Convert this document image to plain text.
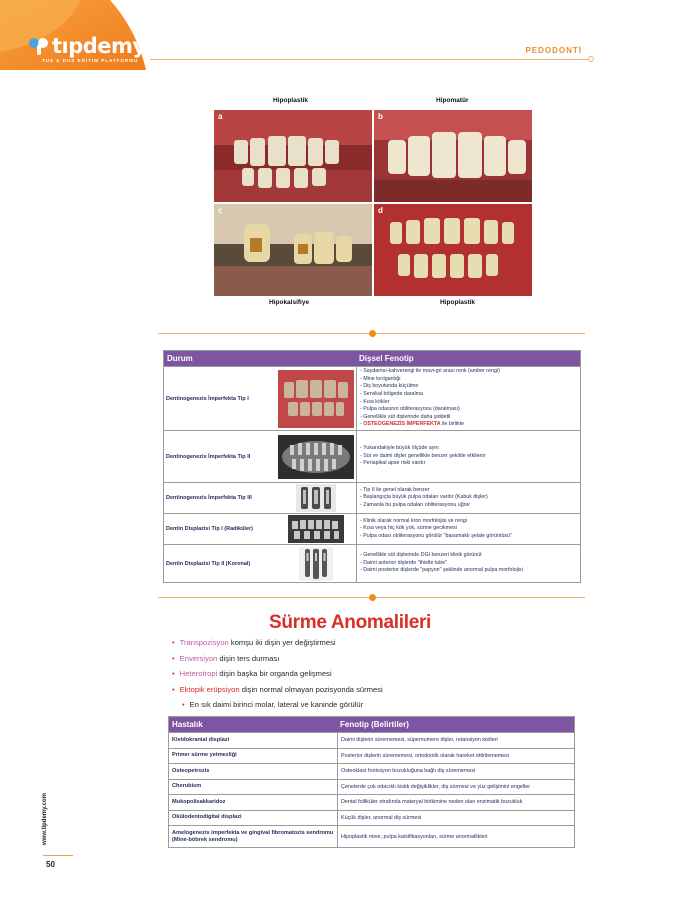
tıpdemy
TUS & DUS EĞİTİM PLATFORMU
PEDODONTİ
Hipoplastik	Hipomatür
Hipokalsifiye	Hipoplastik
a	b
c	d
Durum	Dişsel Fenotip
Dentinogenezis İmperfekta Tip I
- Saydamsı-kahverengi ile mavi-gri arası renk (amber rengi)
- Mine kırılganlığı
- Diş boyutunda küçülme
- Servikal bölgede daralma
- Kısa kökler
- Pulpa odasının obliterasyonu (daralması)
- Genellikle süt dişlerinde daha şiddetli
- OSTEOGENEZİS İMPERFEKTA ile birlikte
Dentinogenezis İmperfekta Tip II
- Yukarıdakiyle büyük ölçüde aynı
- Süt ve daimi dişler genellikle benzer şekilde etkilenir
- Periapikal apse riski vardır
Dentinogenezis İmperfekta Tip III
- Tip II ile genel olarak benzer
- Başlangıçta büyük pulpa odaları vardır (Kabuk dişler)
- Zamanla bu pulpa odaları obliterasyonu uğrar
Dentin Displazisi Tip I (Radiküler)
- Klinik olarak normal kron morfolojisi ve rengi
- Kısa veya hiç kök yok, sürme gecikmesi
- Pulpa odası obliterasyonu görülür "basamaklı şelale görüntüsü"
Dentin Displazisi Tip II (Koronal)
- Genellikle süt dişlerinde DGI benzeri klinik görünüt
- Daimi anterior dişlerde "thistle tube"
- Daimi posterior dişlerde "papyon" şeklinde anormal pulpa morfolojisi
Sürme Anomalileri
• Transpozisyon komşu iki dişin yer değiştirmesi
• Enversiyon dişin ters durması
• Heterotropi dişin başka bir organda gelişmesi
• Ektopik erüpsiyon dişin normal olmayan pozisyonda sürmesi
• En sık daimi birinci molar, lateral ve kaninde görülür
Hastalık	Fenotip (Belirtiler)
Kleidokranial displazi	Daimi dişlerin sürememesi, süpernumere dişler, retansiyon kistleri
Primer sürme yetmezliği	Posterior dişlerin sürememesi, ortodontik olarak hareket ettirilememesi
Osteopetrozis	Osteoklast fonksiyon bozukluğuna bağlı diş sürememesi
Cherubism	Çenelerde çok odacıklı kistik değişiklikler, diş sürmesi ve yüz gelişimini engeller
Mukopolisakkaridoz	Dental folliküler etrafında materyal birikimine neden olan enzimatik bozukluk
Okülodentodigital displazi	Küçük dişler, anormal diş sürmesi
Amelogenezis imperfekta ve gingival fibromatozis sendromu (Mine-böbrek sendromu)	Hipoplastik mine, pulpa kalsifikasyonları, sürme anormallikleri
www.tipdemy.com
50
